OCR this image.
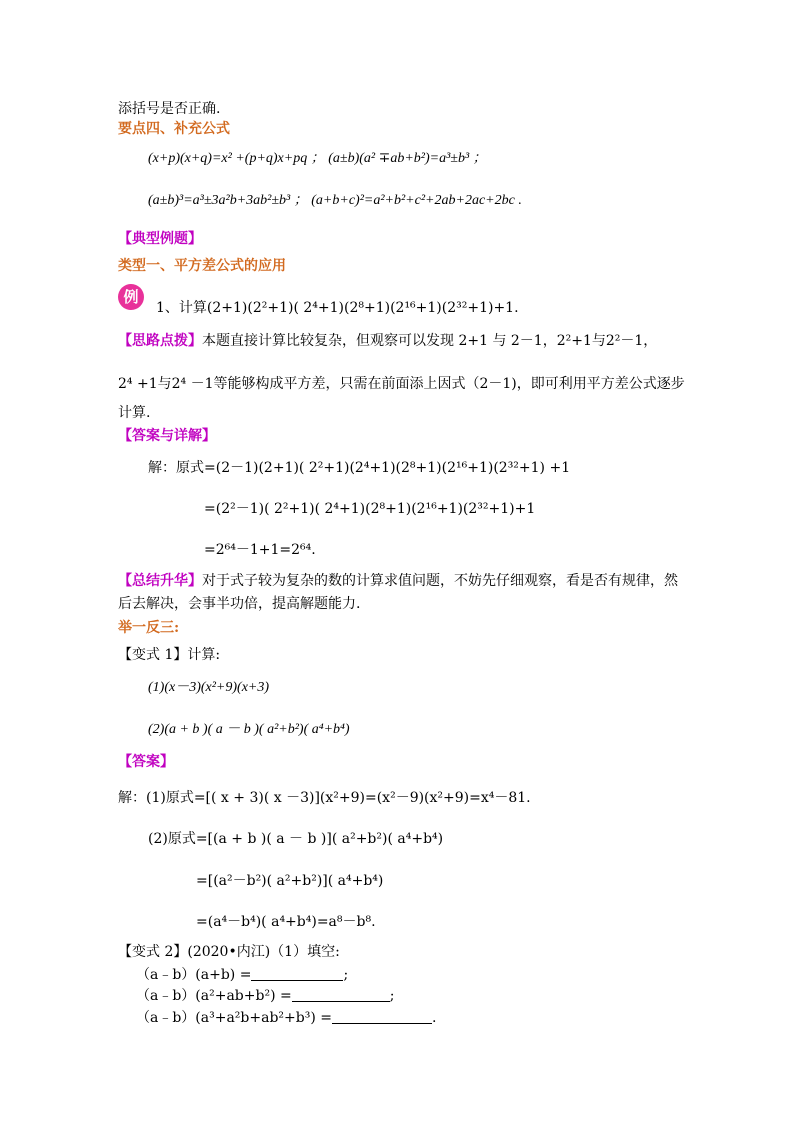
添括号是否正确.
要点四、补充公式
(x+p)(x+q)=x² +(p+q)x+pq ； (a±b)(a² ∓ab+b²)=a³±b³ ；
(a±b)³=a³±3a²b+3ab²±b³ ； (a+b+c)²=a²+b²+c²+2ab+2ac+2bc .
【典型例题】
类型一、平方差公式的应用
例
1、计算(2+1)(2²+1)( 2⁴+1)(2⁸+1)(2¹⁶+1)(2³²+1)+1.
【思路点拨】本题直接计算比较复杂，但观察可以发现 2+1 与 2－1，2²+1与2²－1，
2⁴ +1与2⁴ －1等能够构成平方差，只需在前面添上因式（2－1)，即可利用平方差公式逐步
计算.
【答案与详解】
解：原式=(2－1)(2+1)( 2²+1)(2⁴+1)(2⁸+1)(2¹⁶+1)(2³²+1) +1
=(2²－1)( 2²+1)( 2⁴+1)(2⁸+1)(2¹⁶+1)(2³²+1)+1
=2⁶⁴－1+1=2⁶⁴.
【总结升华】对于式子较为复杂的数的计算求值问题，不妨先仔细观察，看是否有规律，然
后去解决，会事半功倍，提高解题能力.
举一反三:
【变式 1】计算:
(1)(x－3)(x²+9)(x+3)
(2)(a + b )( a － b )( a²+b²)( a⁴+b⁴)
【答案】
解：(1)原式=[( x + 3)( x －3)](x²+9)=(x²－9)(x²+9)=x⁴－81.
(2)原式=[(a + b )( a － b )]( a²+b²)( a⁴+b⁴)
=[(a²－b²)( a²+b²)]( a⁴+b⁴)
=(a⁴－b⁴)( a⁴+b⁴)=a⁸－b⁸.
【变式 2】(2020•内江)（1）填空:
（a﹣b）(a+b) =	;
（a﹣b）(a²+ab+b²) =	;
（a﹣b）(a³+a²b+ab²+b³) =	.
